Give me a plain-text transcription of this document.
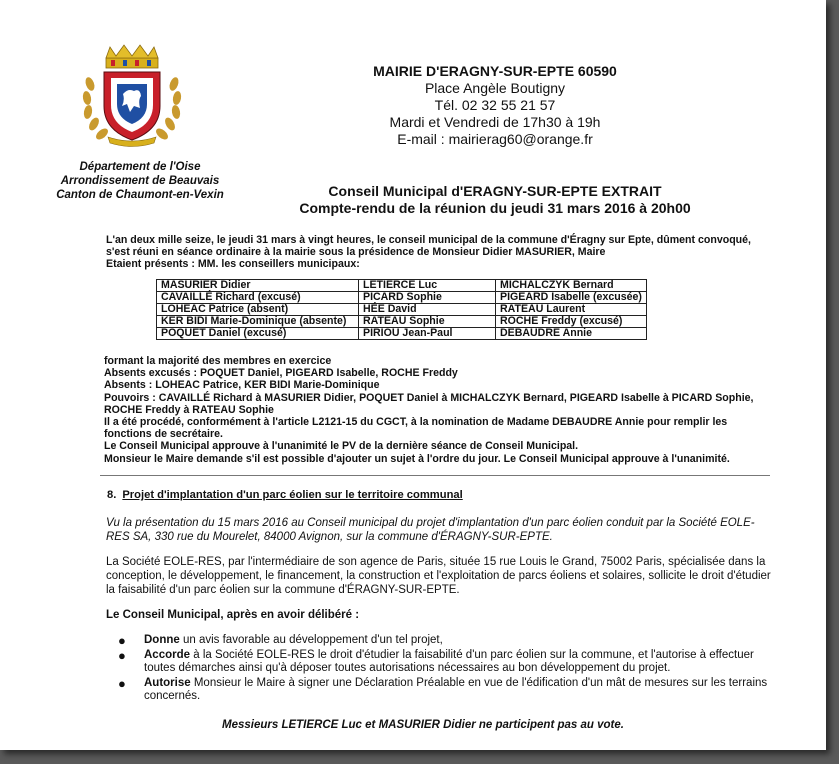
Département de l'Oise
Arrondissement de Beauvais
Canton de Chaumont-en-Vexin
MAIRIE D'ERAGNY-SUR-EPTE 60590
Place Angèle Boutigny
Tél. 02 32 55 21 57
Mardi et Vendredi de 17h30 à 19h
E-mail : mairierag60@orange.fr
Conseil Municipal d'ERAGNY-SUR-EPTE EXTRAIT
Compte-rendu de la réunion du jeudi 31 mars 2016 à 20h00
L'an deux mille seize, le jeudi 31 mars à vingt heures, le conseil municipal de la commune d'Éragny sur Epte, dûment convoqué, s'est réuni en séance ordinaire à la mairie sous la présidence de Monsieur Didier MASURIER, Maire
Etaient présents : MM. les conseillers municipaux:
MASURIER Didier	LETIERCE Luc	MICHALCZYK Bernard
CAVAILLÉ Richard (excusé)	PICARD Sophie	PIGEARD Isabelle (excusée)
LOHEAC Patrice (absent)	HÉE David	RATEAU Laurent
KER BIDI Marie-Dominique (absente)	RATEAU Sophie	ROCHE Freddy (excusé)
POQUET Daniel (excusé)	PIRIOU Jean-Paul	DEBAUDRE Annie
formant la majorité des membres en exercice
Absents excusés : POQUET Daniel, PIGEARD Isabelle, ROCHE Freddy
Absents : LOHEAC Patrice, KER BIDI Marie-Dominique
Pouvoirs : CAVAILLÉ Richard à MASURIER Didier, POQUET Daniel à MICHALCZYK Bernard, PIGEARD Isabelle à PICARD Sophie, ROCHE Freddy à RATEAU Sophie
Il a été procédé, conformément à l'article L2121-15 du CGCT, à la nomination de Madame DEBAUDRE Annie pour remplir les fonctions de secrétaire.
Le Conseil Municipal approuve à l'unanimité le PV de la dernière séance de Conseil Municipal.
Monsieur le Maire demande s'il est possible d'ajouter un sujet à l'ordre du jour. Le Conseil Municipal approuve à l'unanimité.
8. Projet d'implantation d'un parc éolien sur le territoire communal
Vu la présentation du 15 mars 2016 au Conseil municipal du projet d'implantation d'un parc éolien conduit par la Société EOLE-RES SA, 330 rue du Mourelet, 84000 Avignon, sur la commune d'ÉRAGNY-SUR-EPTE.
La Société EOLE-RES, par l'intermédiaire de son agence de Paris, située 15 rue Louis le Grand, 75002 Paris, spécialisée dans la conception, le développement, le financement, la construction et l'exploitation de parcs éoliens et solaires, sollicite le droit d'étudier la faisabilité d'un parc éolien sur la commune d'ÉRAGNY-SUR-EPTE.
Le Conseil Municipal, après en avoir délibéré :
● Donne un avis favorable au développement d'un tel projet,
● Accorde à la Société EOLE-RES le droit d'étudier la faisabilité d'un parc éolien sur la commune, et l'autorise à effectuer toutes démarches ainsi qu'à déposer toutes autorisations nécessaires au bon développement du projet.
● Autorise Monsieur le Maire à signer une Déclaration Préalable en vue de l'édification d'un mât de mesures sur les terrains concernés.
Messieurs LETIERCE Luc et MASURIER Didier ne participent pas au vote.
